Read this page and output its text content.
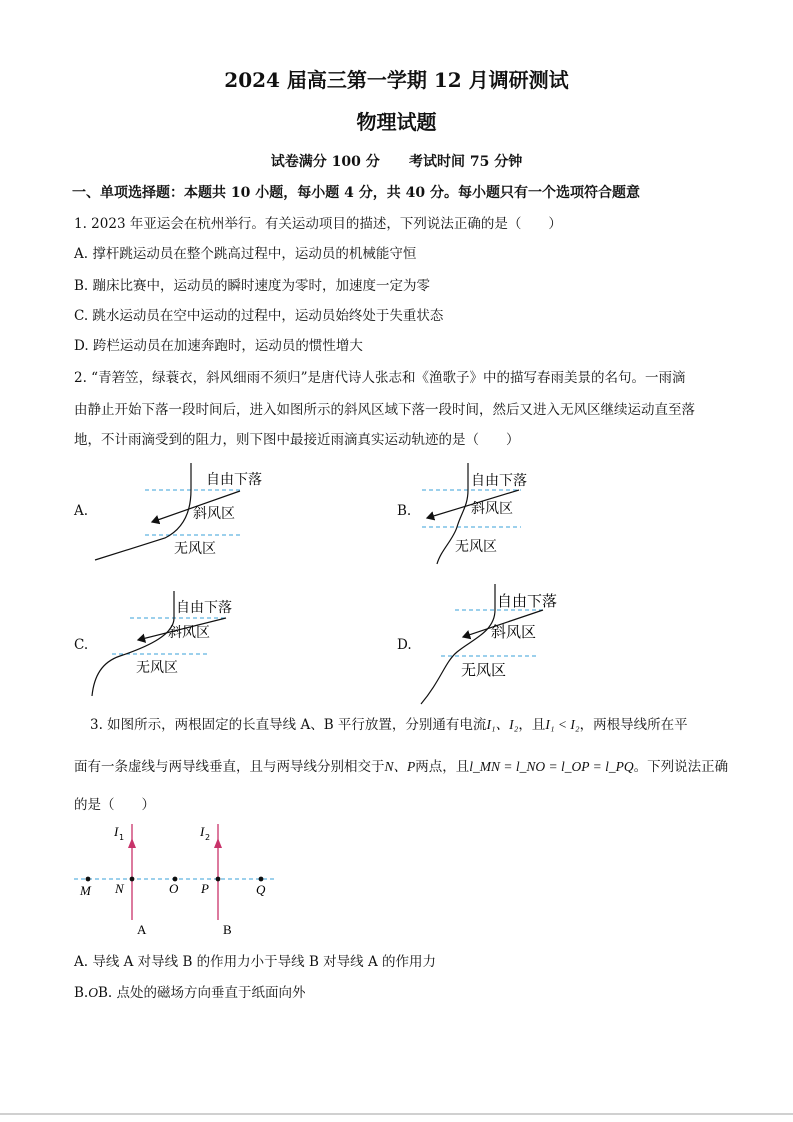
2024 届高三第一学期 12 月调研测试
物理试题
试卷满分 100 分      考试时间 75 分钟
一、单项选择题：本题共 10 小题，每小题 4 分，共 40 分。每小题只有一个选项符合题意
1. 2023 年亚运会在杭州举行。有关运动项目的描述，下列说法正确的是（　　）
A. 撑杆跳运动员在整个跳高过程中，运动员的机械能守恒
B. 蹦床比赛中，运动员的瞬时速度为零时，加速度一定为零
C. 跳水运动员在空中运动的过程中，运动员始终处于失重状态
D. 跨栏运动员在加速奔跑时，运动员的惯性增大
2. “青箬笠，绿蓑衣，斜风细雨不须归”是唐代诗人张志和《渔歌子》中的描写春雨美景的名句。一雨滴
由静止开始下落一段时间后，进入如图所示的斜风区域下落一段时间，然后又进入无风区继续运动直至落
地，不计雨滴受到的阻力，则下图中最接近雨滴真实运动轨迹的是（　　）
A.	B.
C.	D.
自由下落
斜风区
无风区
自由下落
斜风区
无风区
自由下落
斜风区
无风区
自由下落
斜风区
无风区
3. 如图所示，两根固定的长直导线 A、B 平行放置，分别通有电流I₁、I₂，且I₁ < I₂，两根导线所在平
面有一条虚线与两导线垂直，且与两导线分别相交于N、P两点，且l_MN = l_NO = l_OP = l_PQ。下列说法正确
的是（　　）
M N	O P	Q
I 1	I 2
A	B
A. 导线 A 对导线 B 的作用力小于导线 B 对导线 A 的作用力
B.OB. 点处的磁场方向垂直于纸面向外
